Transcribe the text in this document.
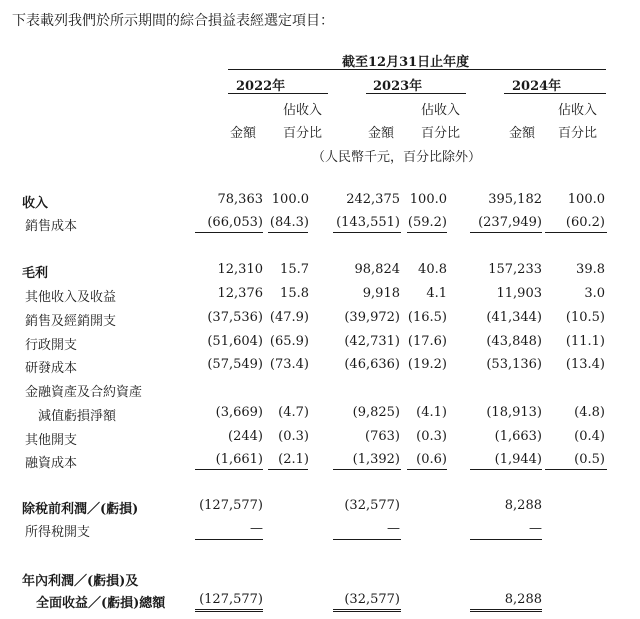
下表載列我們於所示期間的綜合損益表經選定項目：
截至12月31日止年度
2022年	2023年	2024年
佔收入	佔收入	佔收入
金額 百分比	金額 百分比	金額 百分比
（人民幣千元，百分比除外）
收入	78,363 100.0	242,375 100.0	395,182 100.0
銷售成本	(66,053) (84.3) (143,551) (59.2) (237,949) (60.2)
毛利	12,310 15.7	98,824 40.8	157,233	39.8
其他收入及收益	12,376 15.8	9,918 4.1	11,903	3.0
銷售及經銷開支	(37,536) (47.9)	(39,972) (16.5)	(41,344) (10.5)
行政開支	(51,604) (65.9)	(42,731) (17.6)	(43,848) (11.1)
研發成本	(57,549) (73.4)	(46,636) (19.2)	(53,136) (13.4)
金融資產及合約資產
減值虧損淨額	(3,669) (4.7)	(9,825) (4.1)	(18,913) (4.8)
其他開支	(244) (0.3)	(763) (0.3)	(1,663) (0.4)
融資成本	(1,661) (2.1)	(1,392) (0.6)	(1,944) (0.5)
除稅前利潤／(虧損)	(127,577)	(32,577)	8,288
所得稅開支	—	—	—
年內利潤／(虧損)及
全面收益／(虧損)總額	(127,577)	(32,577)	8,288
